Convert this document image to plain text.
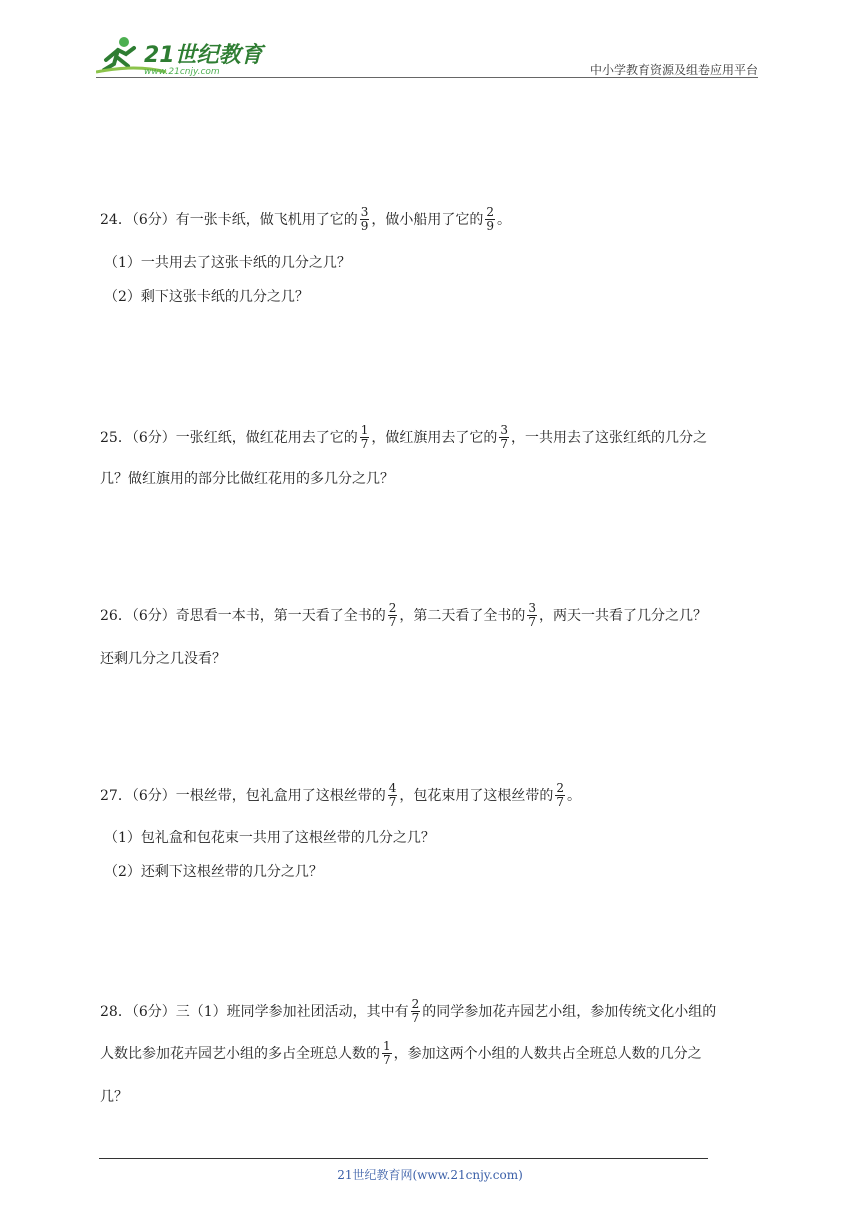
21世纪教育
www.21cnjy.com	中小学教育资源及组卷应用平台
24．（6分）有一张卡纸，做飞机用了它的 $\frac{3}{9}$ ，做小船用了它的 $\frac{2}{9}$ 。
（1）一共用去了这张卡纸的几分之几？
（2）剩下这张卡纸的几分之几？
25．（6分）一张红纸，做红花用去了它的 $\frac{1}{7}$ ，做红旗用去了它的 $\frac{3}{7}$ ，一共用去了这张红纸的几分之
几？做红旗用的部分比做红花用的多几分之几？
26．（6分）奇思看一本书，第一天看了全书的 $\frac{2}{7}$ ，第二天看了全书的 $\frac{3}{7}$ ，两天一共看了几分之几？
还剩几分之几没看？
27．（6分）一根丝带，包礼盒用了这根丝带的 $\frac{4}{7}$ ，包花束用了这根丝带的 $\frac{2}{7}$ 。
（1）包礼盒和包花束一共用了这根丝带的几分之几？
（2）还剩下这根丝带的几分之几？
28．（6分）三（1）班同学参加社团活动，其中有 $\frac{2}{7}$ 的同学参加花卉园艺小组，参加传统文化小组的
人数比参加花卉园艺小组的多占全班总人数的 $\frac{1}{7}$ ，参加这两个小组的人数共占全班总人数的几分之
几？
21世纪教育网(www.21cnjy.com)
